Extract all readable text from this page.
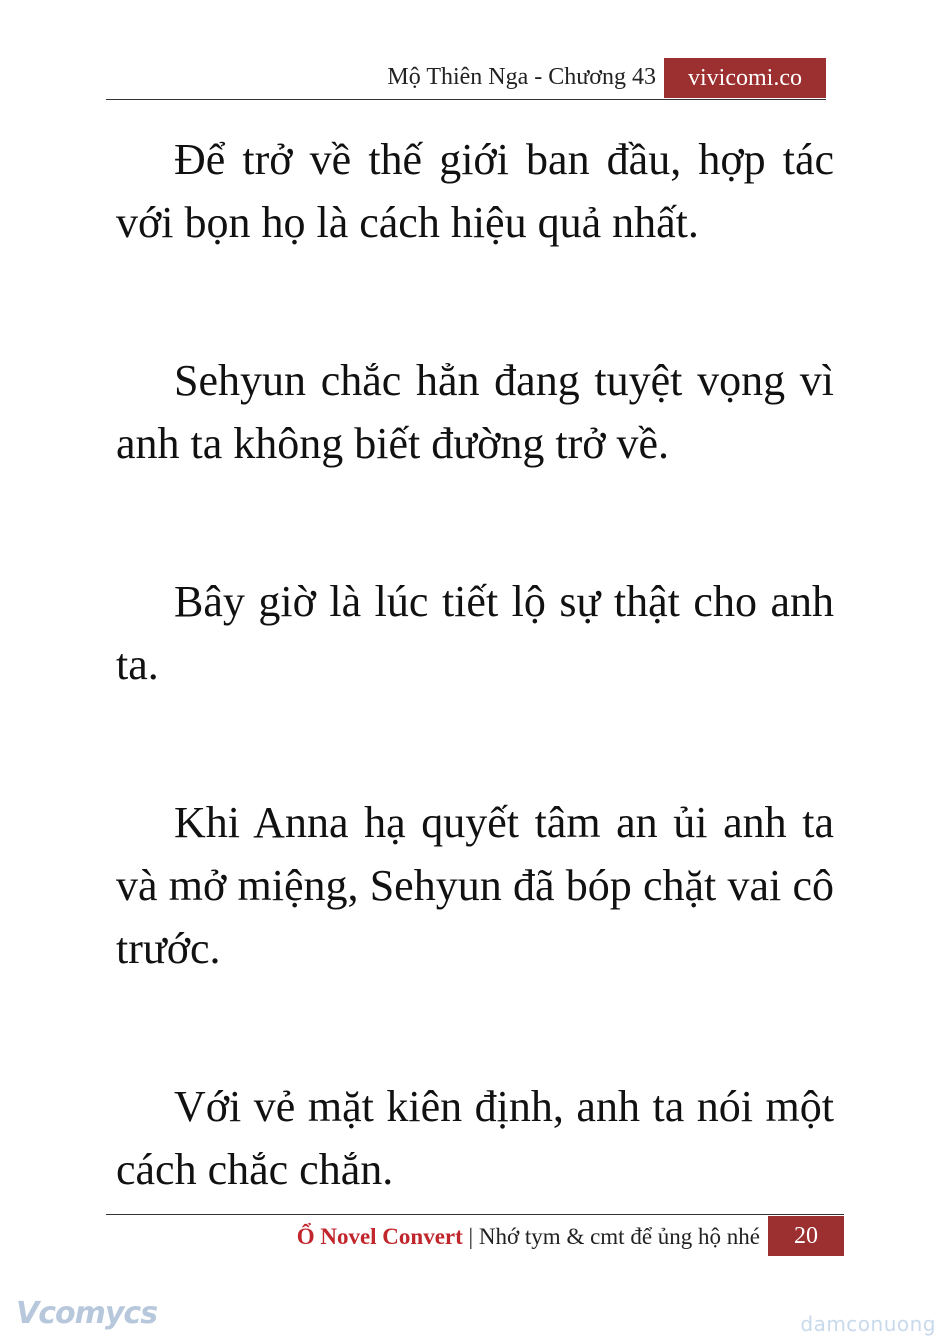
Mộ Thiên Nga - Chương 43	vivicomi.co

Để trở về thế giới ban đầu, hợp tác với bọn họ là cách hiệu quả nhất.

Sehyun chắc hẳn đang tuyệt vọng vì anh ta không biết đường trở về.

Bây giờ là lúc tiết lộ sự thật cho anh ta.

Khi Anna hạ quyết tâm an ủi anh ta và mở miệng, Sehyun đã bóp chặt vai cô trước.

Với vẻ mặt kiên định, anh ta nói một cách chắc chắn.

Ổ Novel Convert | Nhớ tym & cmt để ủng hộ nhé	20
Vcomycs	damconuong
